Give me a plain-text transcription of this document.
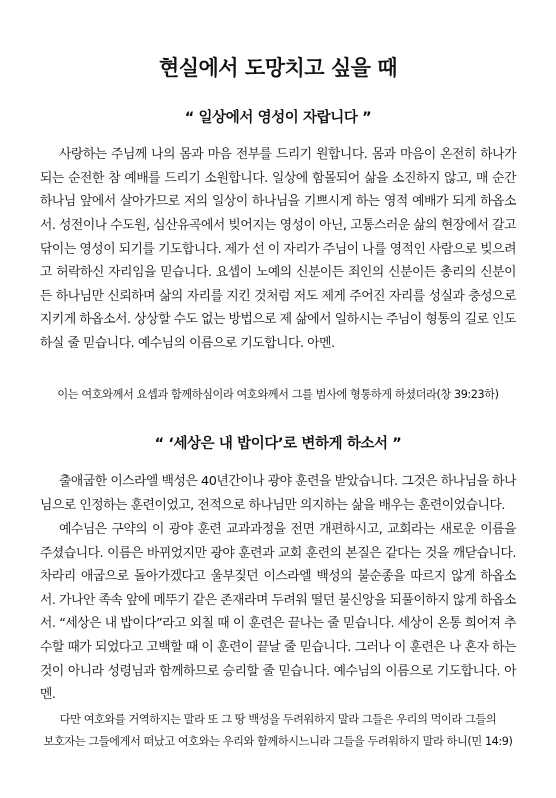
현실에서 도망치고 싶을 때
“ 일상에서 영성이 자랍니다 ”

사랑하는 주님께 나의 몸과 마음 전부를 드리기 원합니다. 몸과 마음이 온전히 하나가 되는 순전한 참 예배를 드리기 소원합니다. 일상에 함몰되어 삶을 소진하지 않고, 매 순간 하나님 앞에서 살아가므로 저의 일상이 하나님을 기쁘시게 하는 영적 예배가 되게 하옵소서. 성전이나 수도원, 심산유곡에서 빚어지는 영성이 아닌, 고통스러운 삶의 현장에서 갈고 닦이는 영성이 되기를 기도합니다. 제가 선 이 자리가 주님이 나를 영적인 사람으로 빚으려고 허락하신 자리임을 믿습니다. 요셉이 노예의 신분이든 죄인의 신분이든 총리의 신분이든 하나님만 신뢰하며 삶의 자리를 지킨 것처럼 저도 제게 주어진 자리를 성실과 충성으로 지키게 하옵소서. 상상할 수도 없는 방법으로 제 삶에서 일하시는 주님이 형통의 길로 인도하실 줄 믿습니다. 예수님의 이름으로 기도합니다. 아멘.

이는 여호와께서 요셉과 함께하심이라 여호와께서 그를 범사에 형통하게 하셨더라(창 39:23하)

“ ‘세상은 내 밥이다’로 변하게 하소서 ”

출애굽한 이스라엘 백성은 40년간이나 광야 훈련을 받았습니다. 그것은 하나님을 하나님으로 인정하는 훈련이었고, 전적으로 하나님만 의지하는 삶을 배우는 훈련이었습니다.

예수님은 구약의 이 광야 훈련 교과과정을 전면 개편하시고, 교회라는 새로운 이름을 주셨습니다. 이름은 바뀌었지만 광야 훈련과 교회 훈련의 본질은 같다는 것을 깨닫습니다. 차라리 애굽으로 돌아가겠다고 울부짖던 이스라엘 백성의 불순종을 따르지 않게 하옵소서. 가나안 족속 앞에 메뚜기 같은 존재라며 두려워 떨던 불신앙을 되풀이하지 않게 하옵소서. “세상은 내 밥이다”라고 외칠 때 이 훈련은 끝나는 줄 믿습니다. 세상이 온통 희어져 추수할 때가 되었다고 고백할 때 이 훈련이 끝날 줄 믿습니다. 그러나 이 훈련은 나 혼자 하는 것이 아니라 성령님과 함께하므로 승리할 줄 믿습니다. 예수님의 이름으로 기도합니다. 아멘.

다만 여호와를 거역하지는 말라 또 그 땅 백성을 두려워하지 말라 그들은 우리의 먹이라 그들의
보호자는 그들에게서 떠났고 여호와는 우리와 함께하시느니라 그들을 두려워하지 말라 하니(민 14:9)
